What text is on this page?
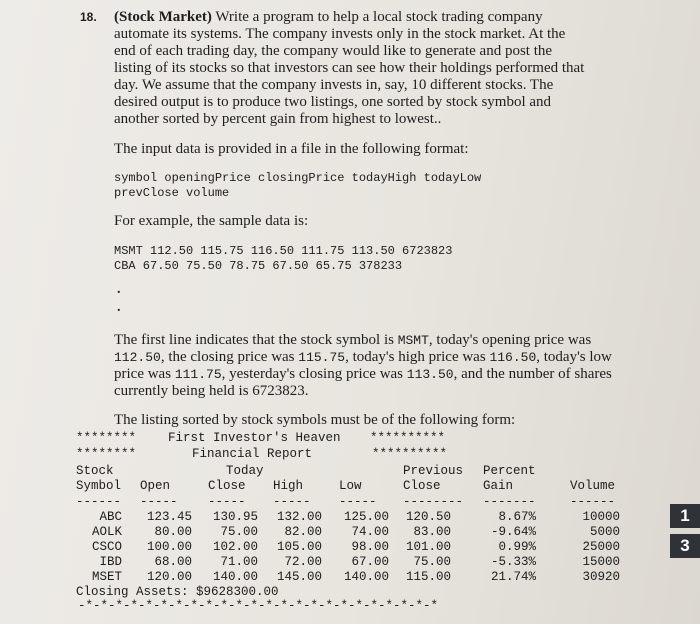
18. (Stock Market) Write a program to help a local stock trading company automate its systems. The company invests only in the stock market. At the end of each trading day, the company would like to generate and post the listing of its stocks so that investors can see how their holdings performed that day. We assume that the company invests in, say, 10 different stocks. The desired output is to produce two listings, one sorted by stock symbol and another sorted by percent gain from highest to lowest..
The input data is provided in a file in the following format:
symbol openingPrice closingPrice todayHigh todayLow
prevClose volume
For example, the sample data is:
MSMT 112.50 115.75 116.50 111.75 113.50 6723823
CBA 67.50 75.50 78.75 67.50 65.75 378233
.
.
The first line indicates that the stock symbol is MSMT, today's opening price was 112.50, the closing price was 115.75, today's high price was 116.50, today's low price was 111.75, yesterday's closing price was 113.50, and the number of shares currently being held is 6723823.
The listing sorted by stock symbols must be of the following form:
********	First Investor's Heaven **********
********	Financial Report	**********
Stock	Today	Previous Percent
Symbol Open	Close High	Low	Close	Gain	Volume
------ ----- ----- ----- ----- -------- -------	------
ABC 123.45 130.95 132.00 125.00 120.50	8.67%	10000
AOLK	80.00 75.00 82.00 74.00 83.00	-9.64%	5000
CSCO 100.00 102.00 105.00 98.00 101.00	0.99%	25000
IBD	68.00 71.00 72.00 67.00 75.00	-5.33%	15000
MSET 120.00 140.00 145.00 140.00 115.00	21.74%	30920
Closing Assets: $9628300.00
-*-*-*-*-*-*-*-*-*-*-*-*-*-*-*-*-*-*-*-*-*-*-*-*
1
3
